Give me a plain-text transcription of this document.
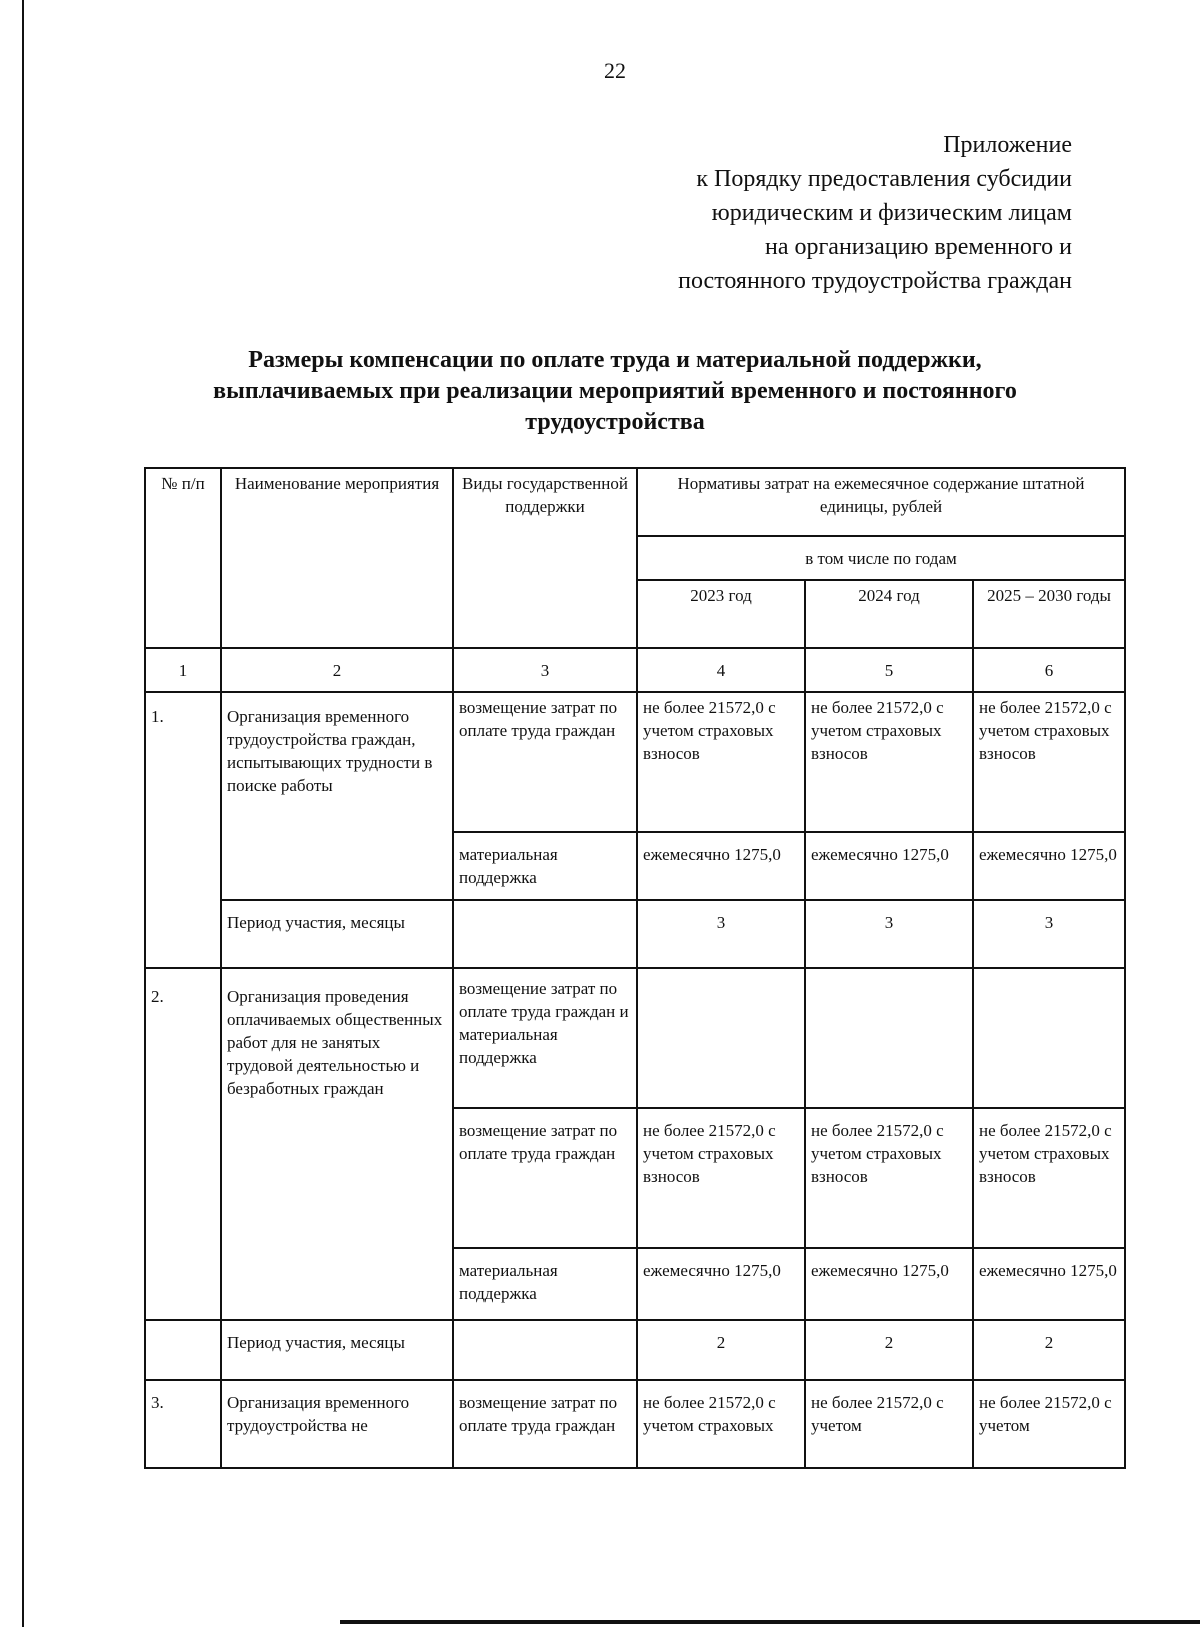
22
Приложение
к Порядку предоставления субсидии
юридическим и физическим лицам
на организацию временного и
постоянного трудоустройства граждан
Размеры компенсации по оплате труда и материальной поддержки,
выплачиваемых при реализации мероприятий временного и постоянного
трудоустройства
№ п/п	Наименование мероприятия	Виды государственной поддержки	Нормативы затрат на ежемесячное содержание штатной единицы, рублей		
			в том числе по годам		
			2023 год	2024 год	2025 – 2030 годы
1	2	3	4	5	6
1.	Организация временного трудоустройства граждан, испытывающих трудности в поиске работы	возмещение затрат по оплате труда граждан	не более 21572,0 с учетом страховых взносов	не более 21572,0 с учетом страховых взносов	не более 21572,0 с учетом страховых взносов
		материальная поддержка	ежемесячно 1275,0	ежемесячно 1275,0	ежемесячно 1275,0
	Период участия, месяцы		3	3	3
2.	Организация проведения оплачиваемых общественных работ для не занятых трудовой деятельностью и безработных граждан	возмещение затрат по оплате труда граждан и материальная поддержка			
		возмещение затрат по оплате труда граждан	не более 21572,0 с учетом страховых взносов	не более 21572,0 с учетом страховых взносов	не более 21572,0 с учетом страховых взносов
		материальная поддержка	ежемесячно 1275,0	ежемесячно 1275,0	ежемесячно 1275,0
	Период участия, месяцы		2	2	2
3.	Организация временного трудоустройства не	возмещение затрат по оплате труда граждан	не более 21572,0 с учетом страховых	не более 21572,0 с учетом	не более 21572,0 с учетом
